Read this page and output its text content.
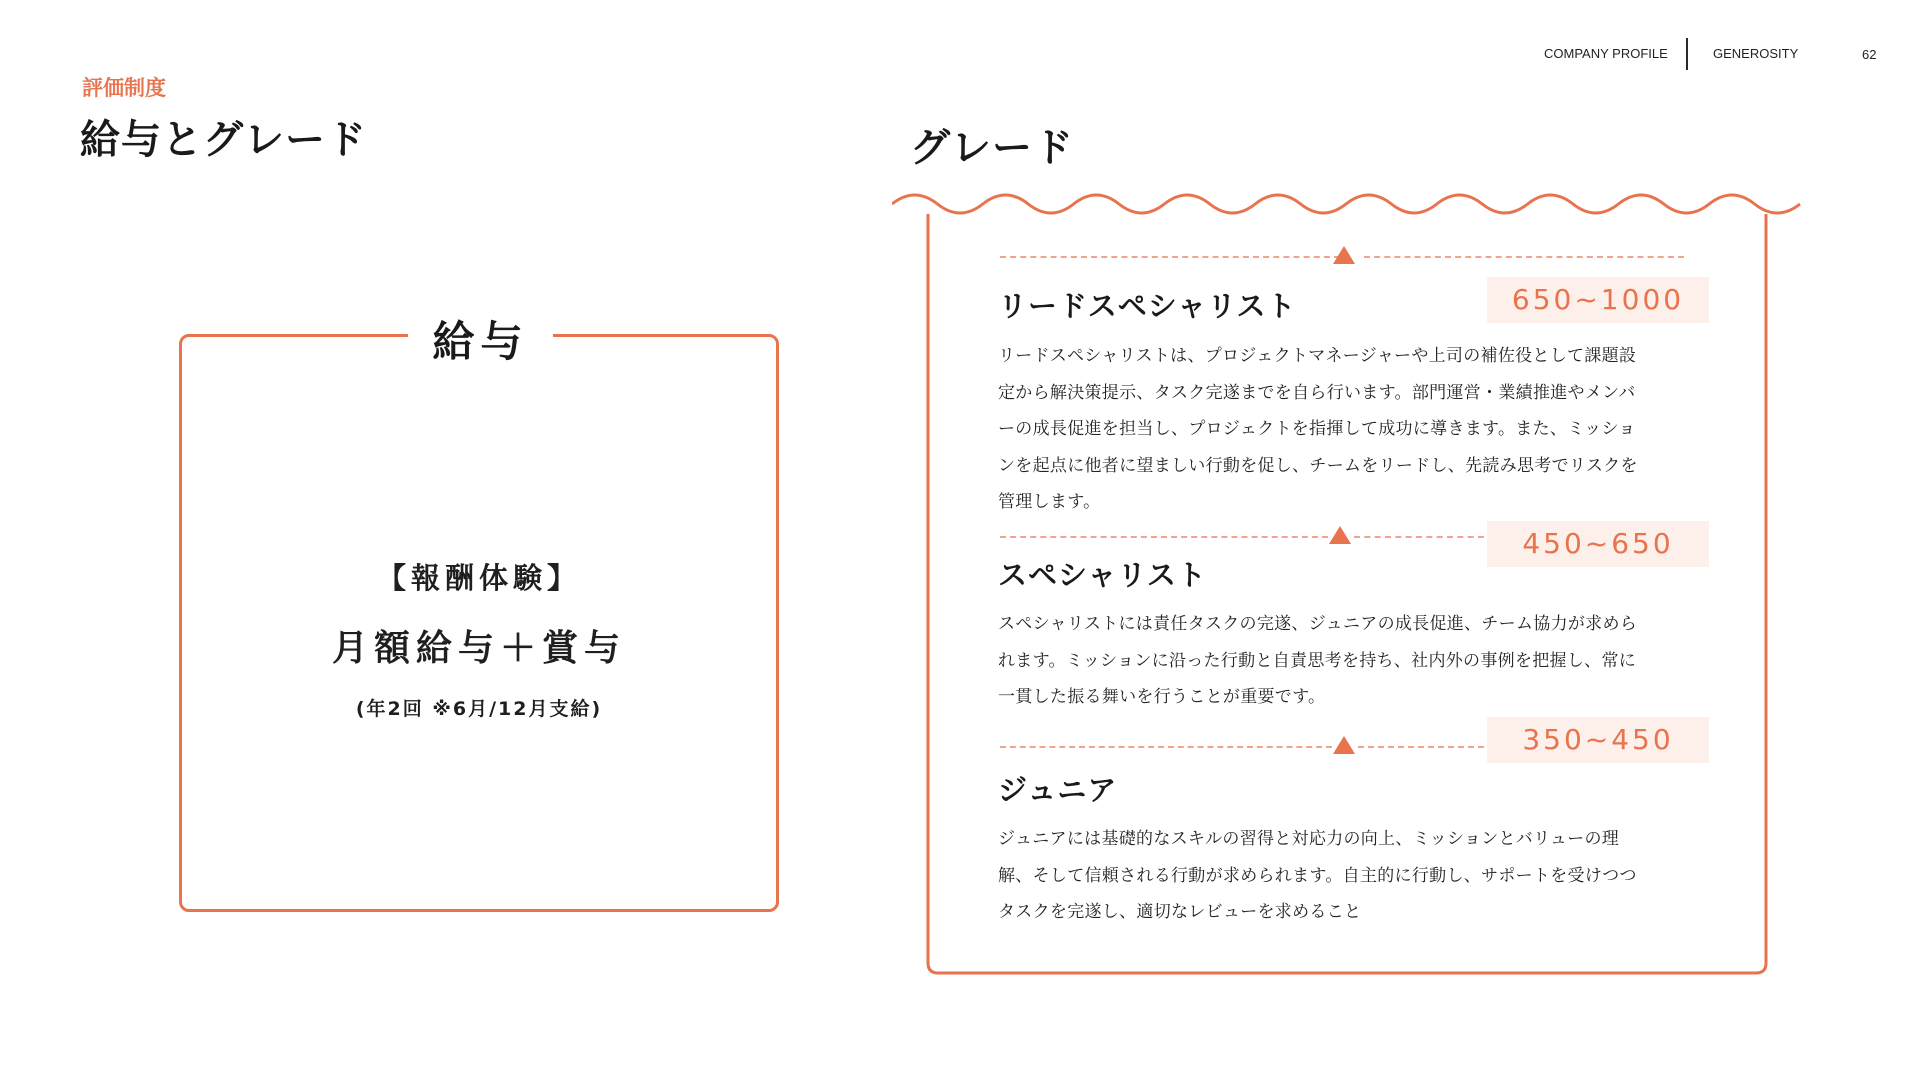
COMPANY PROFILE	GENEROSITY	62
評価制度
給与とグレード
給与
【報酬体験】
月額給与＋賞与
(年2回 ※6月/12月支給)
グレード
650~1000
リードスペシャリスト
リードスペシャリストは、プロジェクトマネージャーや上司の補佐役として課題設
定から解決策提示、タスク完遂までを自ら行います。部門運営・業績推進やメンバ
ーの成長促進を担当し、プロジェクトを指揮して成功に導きます。また、ミッショ
ンを起点に他者に望ましい行動を促し、チームをリードし、先読み思考でリスクを
管理します。
450~650
スペシャリスト
スペシャリストには責任タスクの完遂、ジュニアの成長促進、チーム協力が求めら
れます。ミッションに沿った行動と自責思考を持ち、社内外の事例を把握し、常に
一貫した振る舞いを行うことが重要です。
350~450
ジュニア
ジュニアには基礎的なスキルの習得と対応力の向上、ミッションとバリューの理
解、そして信頼される行動が求められます。自主的に行動し、サポートを受けつつ
タスクを完遂し、適切なレビューを求めること
